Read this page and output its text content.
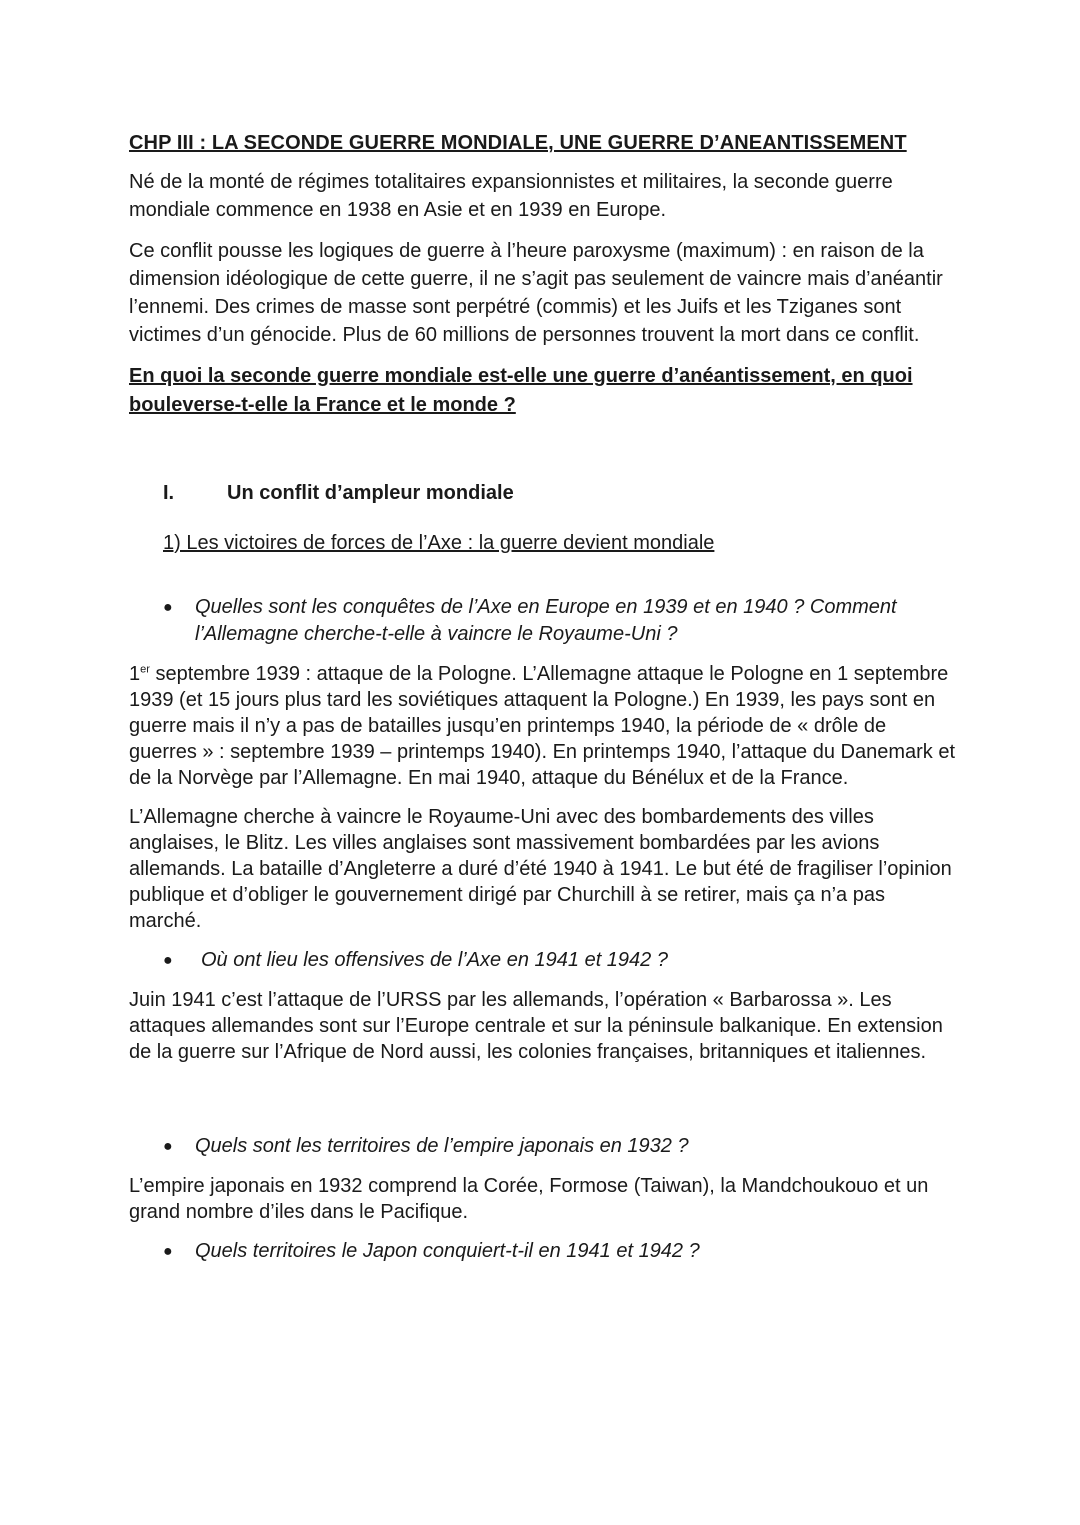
CHP III : LA SECONDE GUERRE MONDIALE, UNE GUERRE D’ANEANTISSEMENT

Né de la monté de régimes totalitaires expansionnistes et militaires, la seconde guerre mondiale commence en 1938 en Asie et en 1939 en Europe.

Ce conflit pousse les logiques de guerre à l’heure paroxysme (maximum) : en raison de la dimension idéologique de cette guerre, il ne s’agit pas seulement de vaincre mais d’anéantir l’ennemi. Des crimes de masse sont perpétré (commis) et les Juifs et les Tziganes sont victimes d’un génocide. Plus de 60 millions de personnes trouvent la mort dans ce conflit.

En quoi la seconde guerre mondiale est-elle une guerre d’anéantissement, en quoi bouleverse-t-elle la France et le monde ?
I.	Un conflit d’ampleur mondiale
1) Les victoires de forces de l’Axe : la guerre devient mondiale
●	Quelles sont les conquêtes de l’Axe en Europe en 1939 et en 1940 ? Comment l’Allemagne cherche-t-elle à vaincre le Royaume-Uni ?

1er septembre 1939 : attaque de la Pologne. L’Allemagne attaque le Pologne en 1 septembre 1939 (et 15 jours plus tard les soviétiques attaquent la Pologne.) En 1939, les pays sont en guerre mais il n’y a pas de batailles jusqu’en printemps 1940, la période de « drôle de guerres » : septembre 1939 – printemps 1940). En printemps 1940, l’attaque du Danemark et de la Norvège par l’Allemagne. En mai 1940, attaque du Bénélux et de la France.

L’Allemagne cherche à vaincre le Royaume-Uni avec des bombardements des villes anglaises, le Blitz. Les villes anglaises sont massivement bombardées par les avions allemands. La bataille d’Angleterre a duré d’été 1940 à 1941. Le but été de fragiliser l’opinion publique et d’obliger le gouvernement dirigé par Churchill à se retirer, mais ça n’a pas marché.

●	Où ont lieu les offensives de l’Axe en 1941 et 1942 ?

Juin 1941 c’est l’attaque de l’URSS par les allemands, l’opération « Barbarossa ». Les attaques allemandes sont sur l’Europe centrale et sur la péninsule balkanique. En extension de la guerre sur l’Afrique de Nord aussi, les colonies françaises, britanniques et italiennes.

●	Quels sont les territoires de l’empire japonais en 1932 ?

L’empire japonais en 1932 comprend la Corée, Formose (Taiwan), la Mandchoukouo et un grand nombre d’iles dans le Pacifique.

●	Quels territoires le Japon conquiert-t-il en 1941 et 1942 ?
